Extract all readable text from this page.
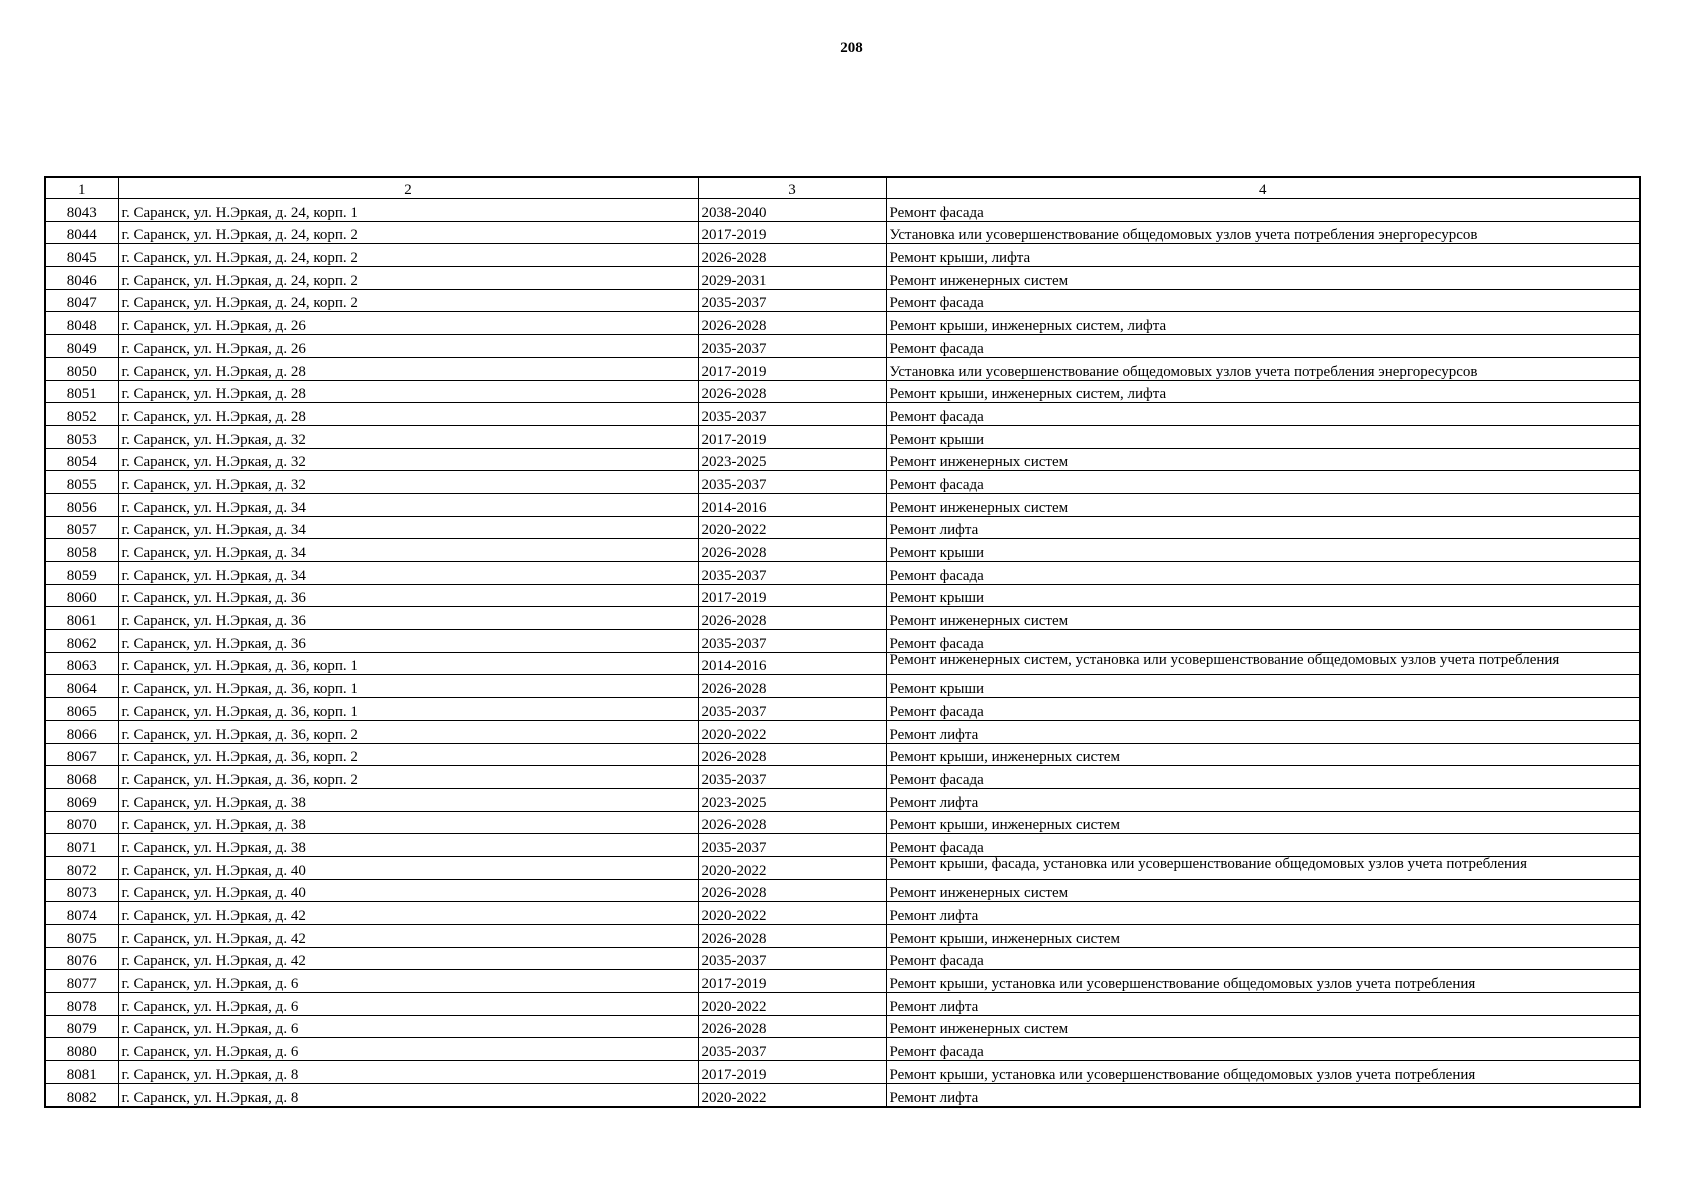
208
1	2	3	4
8043	г. Саранск, ул. Н.Эркая, д. 24, корп. 1	2038-2040	Ремонт фасада
8044	г. Саранск, ул. Н.Эркая, д. 24, корп. 2	2017-2019	Установка или усовершенствование общедомовых узлов учета потребления энергоресурсов
8045	г. Саранск, ул. Н.Эркая, д. 24, корп. 2	2026-2028	Ремонт крыши, лифта
8046	г. Саранск, ул. Н.Эркая, д. 24, корп. 2	2029-2031	Ремонт инженерных систем
8047	г. Саранск, ул. Н.Эркая, д. 24, корп. 2	2035-2037	Ремонт фасада
8048	г. Саранск, ул. Н.Эркая, д. 26	2026-2028	Ремонт крыши, инженерных систем, лифта
8049	г. Саранск, ул. Н.Эркая, д. 26	2035-2037	Ремонт фасада
8050	г. Саранск, ул. Н.Эркая, д. 28	2017-2019	Установка или усовершенствование общедомовых узлов учета потребления энергоресурсов
8051	г. Саранск, ул. Н.Эркая, д. 28	2026-2028	Ремонт крыши, инженерных систем, лифта
8052	г. Саранск, ул. Н.Эркая, д. 28	2035-2037	Ремонт фасада
8053	г. Саранск, ул. Н.Эркая, д. 32	2017-2019	Ремонт крыши
8054	г. Саранск, ул. Н.Эркая, д. 32	2023-2025	Ремонт инженерных систем
8055	г. Саранск, ул. Н.Эркая, д. 32	2035-2037	Ремонт фасада
8056	г. Саранск, ул. Н.Эркая, д. 34	2014-2016	Ремонт инженерных систем
8057	г. Саранск, ул. Н.Эркая, д. 34	2020-2022	Ремонт лифта
8058	г. Саранск, ул. Н.Эркая, д. 34	2026-2028	Ремонт крыши
8059	г. Саранск, ул. Н.Эркая, д. 34	2035-2037	Ремонт фасада
8060	г. Саранск, ул. Н.Эркая, д. 36	2017-2019	Ремонт крыши
8061	г. Саранск, ул. Н.Эркая, д. 36	2026-2028	Ремонт инженерных систем
8062	г. Саранск, ул. Н.Эркая, д. 36	2035-2037	Ремонт фасада
8063	г. Саранск, ул. Н.Эркая, д. 36, корп. 1	2014-2016	Ремонт инженерных систем, установка или усовершенствование общедомовых узлов учета потребления
8064	г. Саранск, ул. Н.Эркая, д. 36, корп. 1	2026-2028	Ремонт крыши
8065	г. Саранск, ул. Н.Эркая, д. 36, корп. 1	2035-2037	Ремонт фасада
8066	г. Саранск, ул. Н.Эркая, д. 36, корп. 2	2020-2022	Ремонт лифта
8067	г. Саранск, ул. Н.Эркая, д. 36, корп. 2	2026-2028	Ремонт крыши, инженерных систем
8068	г. Саранск, ул. Н.Эркая, д. 36, корп. 2	2035-2037	Ремонт фасада
8069	г. Саранск, ул. Н.Эркая, д. 38	2023-2025	Ремонт лифта
8070	г. Саранск, ул. Н.Эркая, д. 38	2026-2028	Ремонт крыши, инженерных систем
8071	г. Саранск, ул. Н.Эркая, д. 38	2035-2037	Ремонт фасада
8072	г. Саранск, ул. Н.Эркая, д. 40	2020-2022	Ремонт крыши, фасада, установка или усовершенствование общедомовых узлов учета потребления
8073	г. Саранск, ул. Н.Эркая, д. 40	2026-2028	Ремонт инженерных систем
8074	г. Саранск, ул. Н.Эркая, д. 42	2020-2022	Ремонт лифта
8075	г. Саранск, ул. Н.Эркая, д. 42	2026-2028	Ремонт крыши, инженерных систем
8076	г. Саранск, ул. Н.Эркая, д. 42	2035-2037	Ремонт фасада
8077	г. Саранск, ул. Н.Эркая, д. 6	2017-2019	Ремонт крыши, установка или усовершенствование общедомовых узлов учета потребления
8078	г. Саранск, ул. Н.Эркая, д. 6	2020-2022	Ремонт лифта
8079	г. Саранск, ул. Н.Эркая, д. 6	2026-2028	Ремонт инженерных систем
8080	г. Саранск, ул. Н.Эркая, д. 6	2035-2037	Ремонт фасада
8081	г. Саранск, ул. Н.Эркая, д. 8	2017-2019	Ремонт крыши, установка или усовершенствование общедомовых узлов учета потребления
8082	г. Саранск, ул. Н.Эркая, д. 8	2020-2022	Ремонт лифта
